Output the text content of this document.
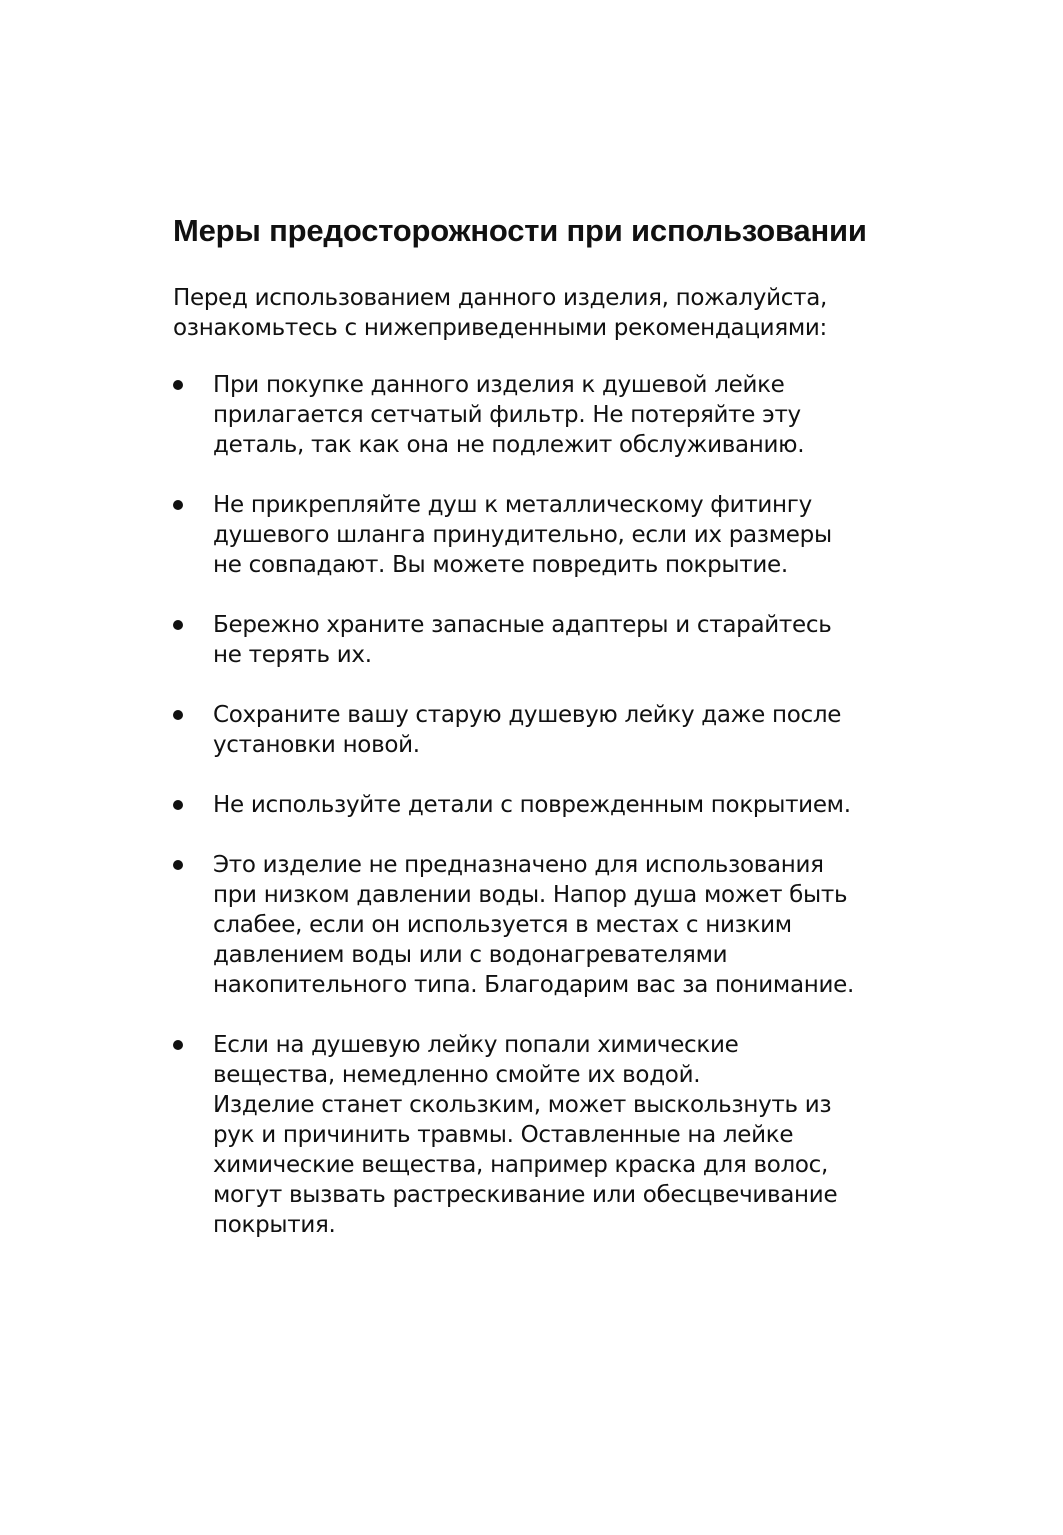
Меры предосторожности при использовании

Перед использованием данного изделия, пожалуйста,
ознакомьтесь с нижеприведенными рекомендациями:

При покупке данного изделия к душевой лейке
прилагается сетчатый фильтр. Не потеряйте эту
деталь, так как она не подлежит обслуживанию.
Не прикрепляйте душ к металлическому фитингу
душевого шланга принудительно, если их размеры
не совпадают. Вы можете повредить покрытие.
Бережно храните запасные адаптеры и старайтесь
не терять их.
Сохраните вашу старую душевую лейку даже после
установки новой.
Не используйте детали с поврежденным покрытием.
Это изделие не предназначено для использования
при низком давлении воды. Напор душа может быть
слабее, если он используется в местах с низким
давлением воды или с водонагревателями
накопительного типа. Благодарим вас за понимание.
Если на душевую лейку попали химические
вещества, немедленно смойте их водой.
Изделие станет скользким, может выскользнуть из
рук и причинить травмы. Оставленные на лейке
химические вещества, например краска для волос,
могут вызвать растрескивание или обесцвечивание
покрытия.
